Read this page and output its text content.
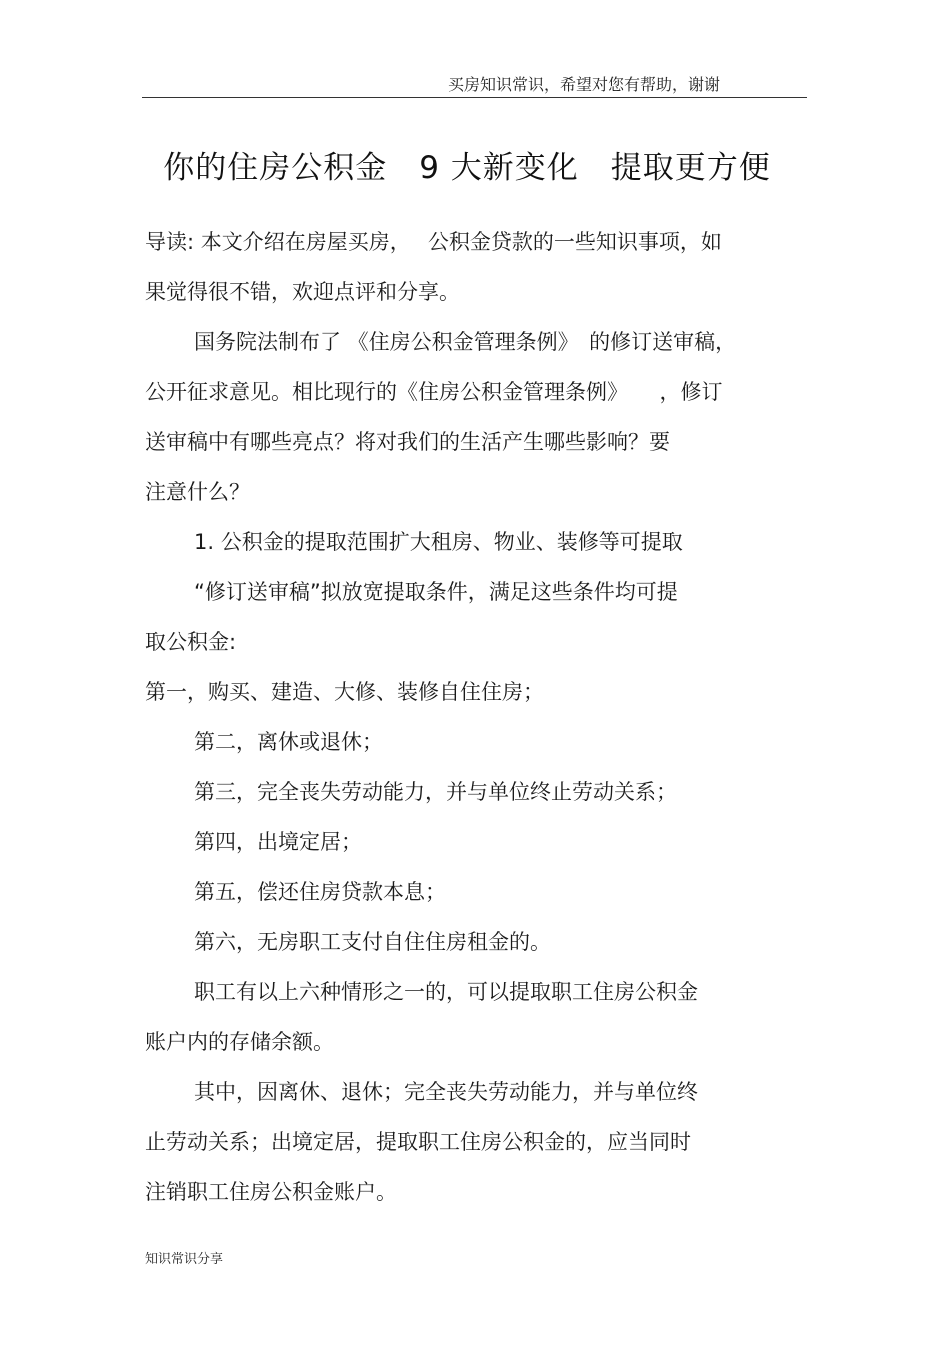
买房知识常识，希望对您有帮助，谢谢
你的住房公积金　9 大新变化　提取更方便
导读: 本文介绍在房屋买房，　 公积金贷款的一些知识事项，如
果觉得很不错，欢迎点评和分享。
国务院法制布了 《住房公积金管理条例》　的修订送审稿，
公开征求意见。相比现行的《住房公积金管理条例》　　，修订
送审稿中有哪些亮点？将对我们的生活产生哪些影响？要
注意什么？
1. 公积金的提取范围扩大租房、物业、装修等可提取
“修订送审稿”拟放宽提取条件，满足这些条件均可提
取公积金:
第一，购买、建造、大修、装修自住住房；
第二，离休或退休；
第三，完全丧失劳动能力，并与单位终止劳动关系；
第四，出境定居；
第五，偿还住房贷款本息；
第六，无房职工支付自住住房租金的。
职工有以上六种情形之一的，可以提取职工住房公积金
账户内的存储余额。
其中，因离休、退休；完全丧失劳动能力，并与单位终
止劳动关系；出境定居，提取职工住房公积金的，应当同时
注销职工住房公积金账户。
知识常识分享
